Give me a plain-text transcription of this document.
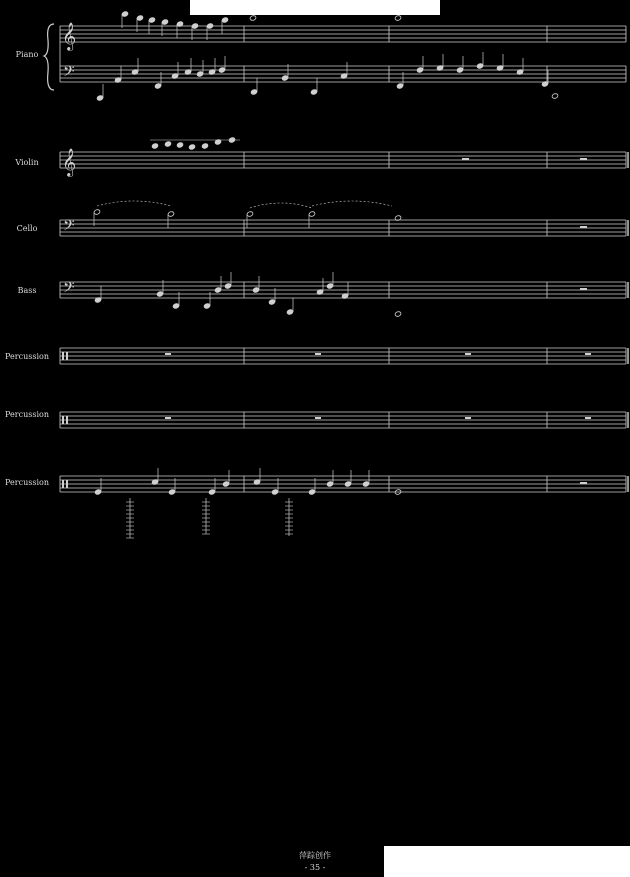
Piano
Violin
Cello
Bass
Percussion
Percussion
Percussion
𝄞
𝄢
𝄞
𝄢
𝄢
萍踪创作
- 35 -
